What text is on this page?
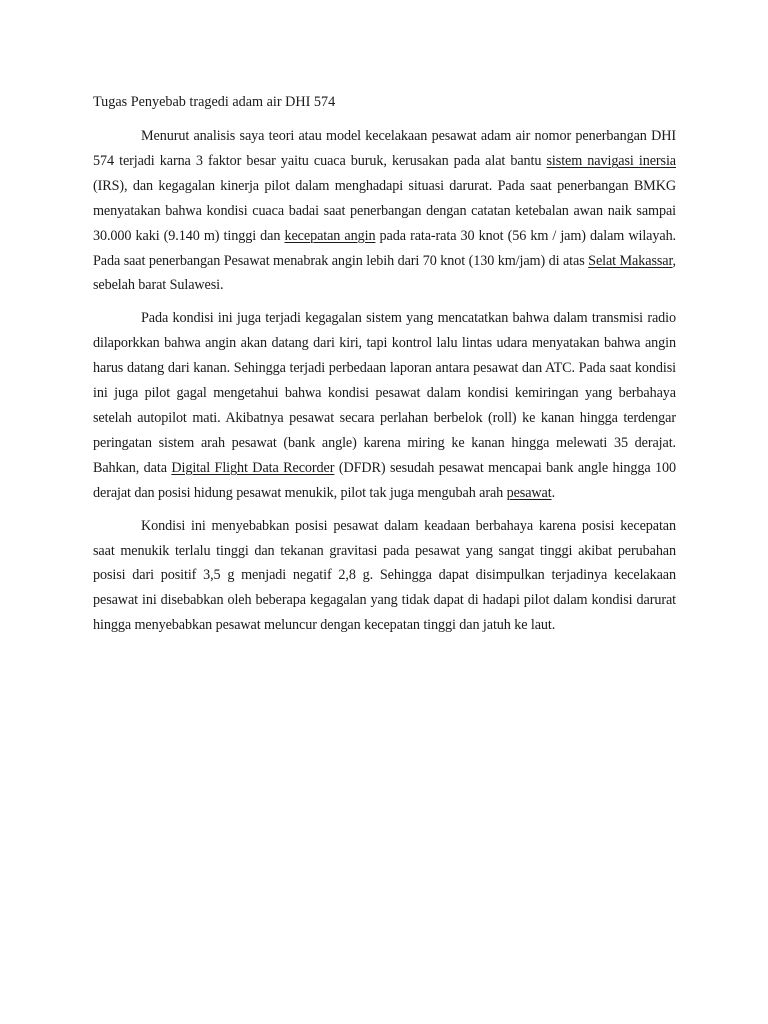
Tugas Penyebab tragedi adam air DHI 574

Menurut analisis saya teori atau model kecelakaan pesawat adam air nomor penerbangan DHI 574 terjadi karna 3 faktor besar yaitu cuaca buruk, kerusakan pada alat bantu sistem navigasi inersia (IRS), dan kegagalan kinerja pilot dalam menghadapi situasi darurat. Pada saat penerbangan BMKG menyatakan bahwa kondisi cuaca badai saat penerbangan dengan catatan ketebalan awan naik sampai 30.000 kaki (9.140 m) tinggi dan kecepatan angin pada rata-rata 30 knot (56 km / jam) dalam wilayah. Pada saat penerbangan Pesawat menabrak angin lebih dari 70 knot (130 km/jam) di atas Selat Makassar, sebelah barat Sulawesi.

Pada kondisi ini juga terjadi kegagalan sistem yang mencatatkan bahwa dalam transmisi radio dilaporkkan bahwa angin akan datang dari kiri, tapi kontrol lalu lintas udara menyatakan bahwa angin harus datang dari kanan. Sehingga terjadi perbedaan laporan antara pesawat dan ATC. Pada saat kondisi ini juga pilot gagal mengetahui bahwa kondisi pesawat dalam kondisi kemiringan yang berbahaya setelah autopilot mati. Akibatnya pesawat secara perlahan berbelok (roll) ke kanan hingga terdengar peringatan sistem arah pesawat (bank angle) karena miring ke kanan hingga melewati 35 derajat. Bahkan, data Digital Flight Data Recorder (DFDR) sesudah pesawat mencapai bank angle hingga 100 derajat dan posisi hidung pesawat menukik, pilot tak juga mengubah arah pesawat.

Kondisi ini menyebabkan posisi pesawat dalam keadaan berbahaya karena posisi kecepatan saat menukik terlalu tinggi dan tekanan gravitasi pada pesawat yang sangat tinggi akibat perubahan posisi dari positif 3,5 g menjadi negatif 2,8 g. Sehingga dapat disimpulkan terjadinya kecelakaan pesawat ini disebabkan oleh beberapa kegagalan yang tidak dapat di hadapi pilot dalam kondisi darurat hingga menyebabkan pesawat meluncur dengan kecepatan tinggi dan jatuh ke laut.
